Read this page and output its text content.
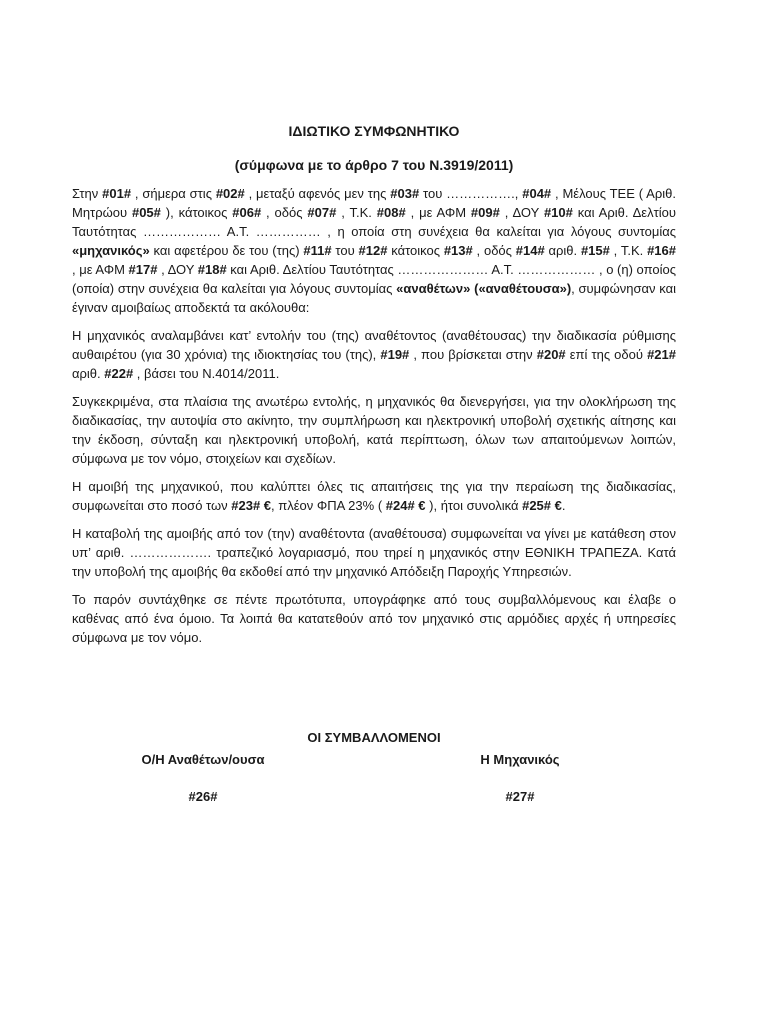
ΙΔΙΩΤΙΚΟ ΣΥΜΦΩΝΗΤΙΚΟ

(σύμφωνα με το άρθρο 7 του Ν.3919/2011)

Στην #01# , σήμερα στις #02# , μεταξύ αφενός μεν της #03# του ……………., #04# , Μέλους ΤΕΕ ( Αριθ. Μητρώου #05# ), κάτοικος #06# , οδός #07# , Τ.Κ. #08# , με ΑΦΜ #09# , ΔΟΥ #10# και Αριθ. Δελτίου Ταυτότητας ……………… Α.Τ. …………… , η οποία στη συνέχεια θα καλείται για λόγους συντομίας «μηχανικός» και αφετέρου δε του (της) #11# του #12# κάτοικος #13# , οδός #14# αριθ. #15# , Τ.Κ. #16# , με ΑΦΜ #17# , ΔΟΥ #18# και Αριθ. Δελτίου Ταυτότητας ………………… Α.Τ. ……………… , ο (η) οποίος (οποία) στην συνέχεια θα καλείται για λόγους συντομίας «αναθέτων» («αναθέτουσα»), συμφώνησαν και έγιναν αμοιβαίως αποδεκτά τα ακόλουθα:

Η μηχανικός αναλαμβάνει κατ’ εντολήν του (της) αναθέτοντος (αναθέτουσας) την διαδικασία ρύθμισης αυθαιρέτου (για 30 χρόνια) της ιδιοκτησίας του (της), #19# , που βρίσκεται στην #20# επί της οδού #21# αριθ. #22# , βάσει του Ν.4014/2011.

Συγκεκριμένα, στα πλαίσια της ανωτέρω εντολής, η μηχανικός θα διενεργήσει, για την ολοκλήρωση της διαδικασίας, την αυτοψία στο ακίνητο, την συμπλήρωση και ηλεκτρονική υποβολή σχετικής αίτησης και την έκδοση, σύνταξη και ηλεκτρονική υποβολή, κατά περίπτωση, όλων των απαιτούμενων λοιπών, σύμφωνα με τον νόμο, στοιχείων και σχεδίων.

Η αμοιβή της μηχανικού, που καλύπτει όλες τις απαιτήσεις της για την περαίωση της διαδικασίας, συμφωνείται στο ποσό των #23# €, πλέον ΦΠΑ 23% ( #24# € ), ήτοι συνολικά #25# €.

Η καταβολή της αμοιβής από τον (την) αναθέτοντα (αναθέτουσα) συμφωνείται να γίνει με κατάθεση στον υπ’ αριθ. ………………. τραπεζικό λογαριασμό, που τηρεί η μηχανικός στην ΕΘΝΙΚΗ ΤΡΑΠΕΖΑ. Κατά την υποβολή της αμοιβής θα εκδοθεί από την μηχανικό Απόδειξη Παροχής Υπηρεσιών.

Το παρόν συντάχθηκε σε πέντε πρωτότυπα, υπογράφηκε από τους συμβαλλόμενους και έλαβε ο καθένας από ένα όμοιο. Τα λοιπά θα κατατεθούν από τον μηχανικό στις αρμόδιες αρχές ή υπηρεσίες σύμφωνα με τον νόμο.

ΟΙ ΣΥΜΒΑΛΛΟΜΕΝΟΙ
Ο/Η Αναθέτων/ουσα	Η Μηχανικός
#26#	#27#
